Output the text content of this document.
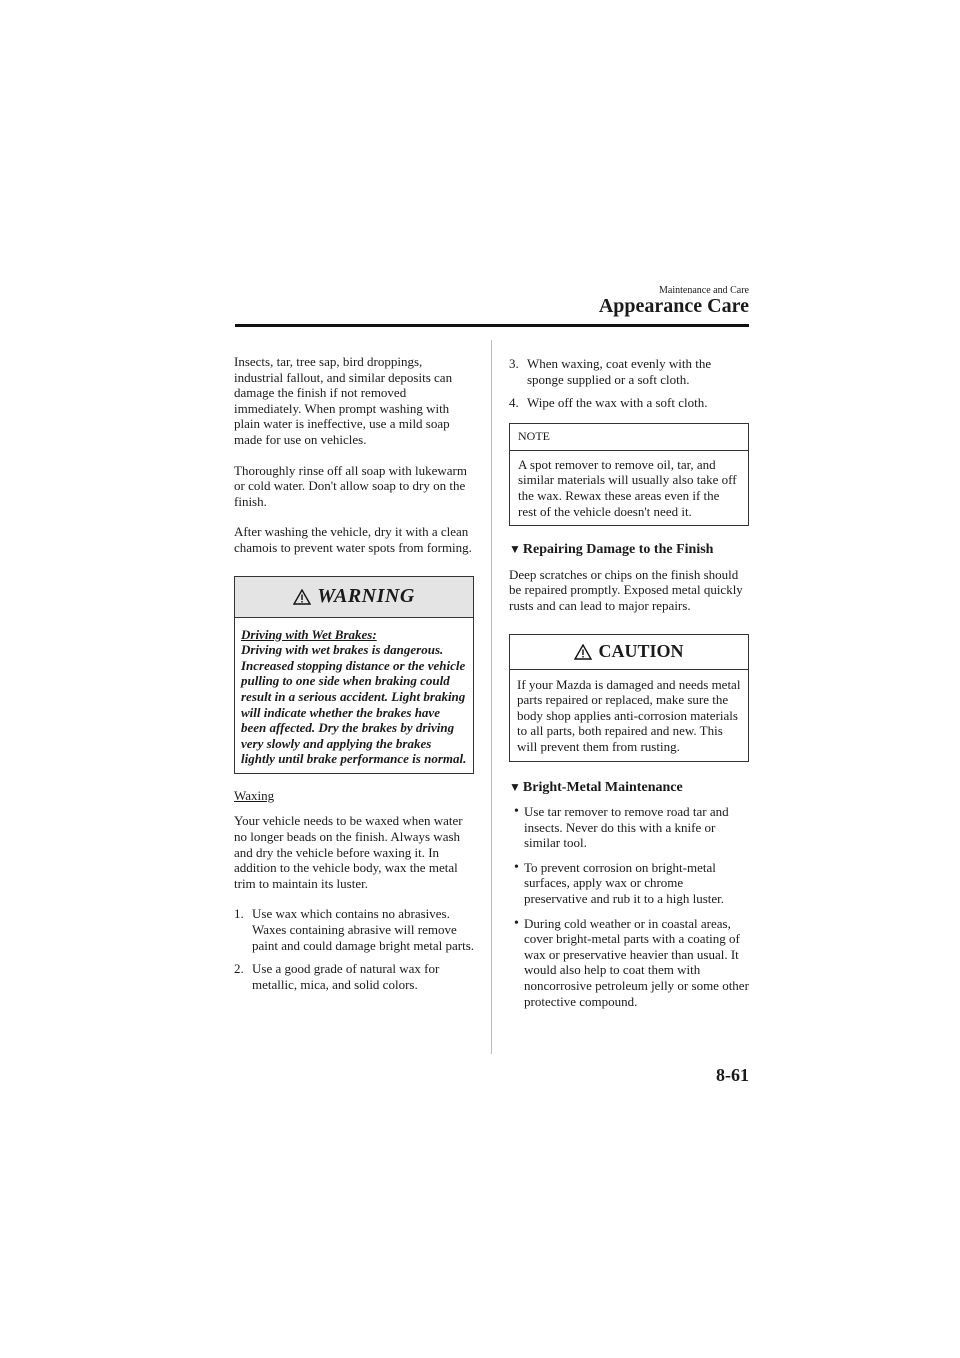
Maintenance and Care
Appearance Care

Insects, tar, tree sap, bird droppings, industrial fallout, and similar deposits can damage the finish if not removed immediately. When prompt washing with plain water is ineffective, use a mild soap made for use on vehicles.

Thoroughly rinse off all soap with lukewarm or cold water. Don't allow soap to dry on the finish.

After washing the vehicle, dry it with a clean chamois to prevent water spots from forming.

WARNING

Driving with Wet Brakes:

Driving with wet brakes is dangerous. Increased stopping distance or the vehicle pulling to one side when braking could result in a serious accident. Light braking will indicate whether the brakes have been affected. Dry the brakes by driving very slowly and applying the brakes lightly until brake performance is normal.

Waxing

Your vehicle needs to be waxed when water no longer beads on the finish. Always wash and dry the vehicle before waxing it. In addition to the vehicle body, wax the metal trim to maintain its luster.

1. Use wax which contains no abrasives. Waxes containing abrasive will remove paint and could damage bright metal parts.
2. Use a good grade of natural wax for metallic, mica, and solid colors.
3. When waxing, coat evenly with the sponge supplied or a soft cloth.
4. Wipe off the wax with a soft cloth.
NOTE
A spot remover to remove oil, tar, and similar materials will usually also take off the wax. Rewax these areas even if the rest of the vehicle doesn't need it.
▼ Repairing Damage to the Finish

Deep scratches or chips on the finish should be repaired promptly. Exposed metal quickly rusts and can lead to major repairs.

CAUTION
If your Mazda is damaged and needs metal parts repaired or replaced, make sure the body shop applies anti-corrosion materials to all parts, both repaired and new. This will prevent them from rusting.
▼ Bright-Metal Maintenance
• Use tar remover to remove road tar and insects. Never do this with a knife or similar tool.
• To prevent corrosion on bright-metal surfaces, apply wax or chrome preservative and rub it to a high luster.
• During cold weather or in coastal areas, cover bright-metal parts with a coating of wax or preservative heavier than usual. It would also help to coat them with noncorrosive petroleum jelly or some other protective compound.
8-61
